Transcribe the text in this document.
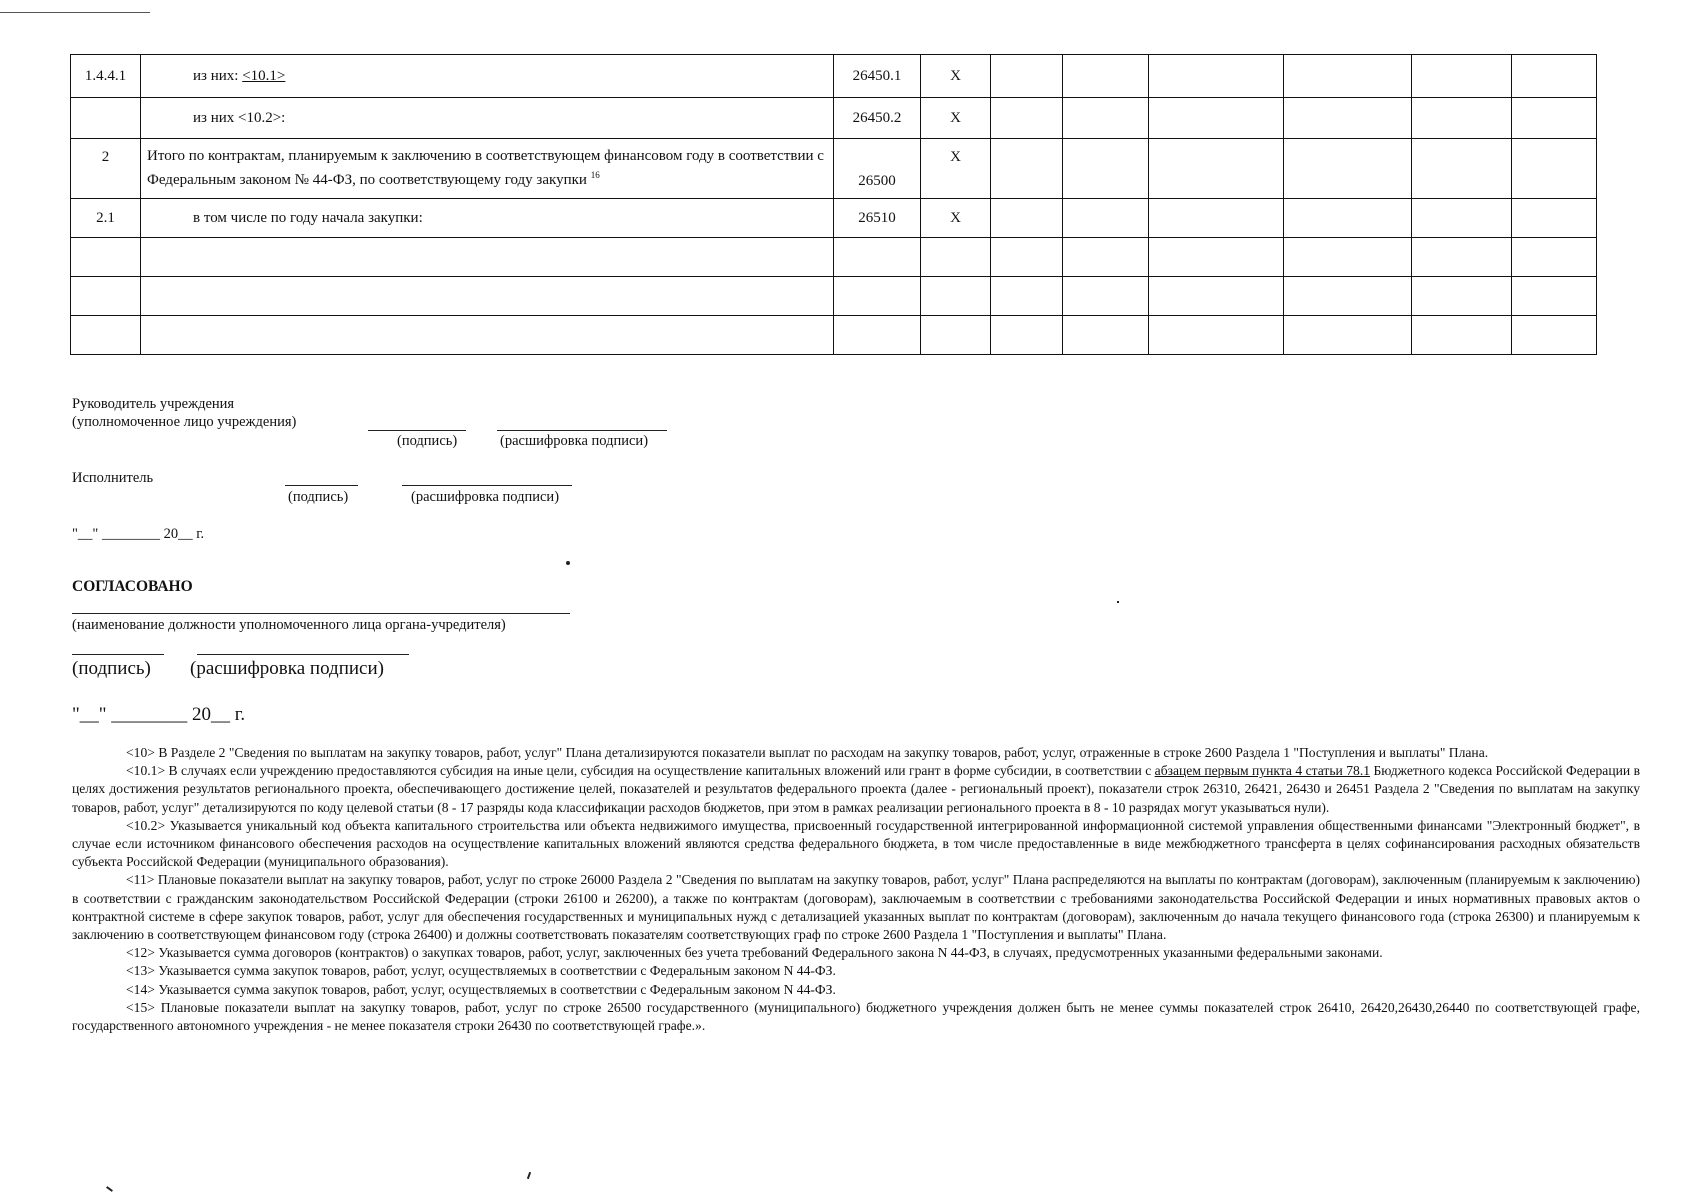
1.4.4.1	из них: <10.1>	26450.1	X						
	из них <10.2>:	26450.2	X						
2	Итого по контрактам, планируемым к заключению в соответствующем финансовом году в соответствии с Федеральным законом № 44-ФЗ, по соответствующему году закупки $^{16}$	26500	X						
2.1	в том числе по году начала закупки:	26510	X						

Руководитель учреждения
(уполномоченное лицо учреждения)
(подпись)	(расшифровка подписи)
Исполнитель
(подпись)	(расшифровка подписи)
"__" ________ 20__ г.
СОГЛАСОВАНО
(наименование должности уполномоченного лица органа-учредителя)
(подпись) (расшифровка подписи)
"__" ________ 20__ г.

<10> В Разделе 2 "Сведения по выплатам на закупку товаров, работ, услуг" Плана детализируются показатели выплат по расходам на закупку товаров, работ, услуг, отраженные в строке 2600 Раздела 1 "Поступления и выплаты" Плана.

<10.1> В случаях если учреждению предоставляются субсидия на иные цели, субсидия на осуществление капитальных вложений или грант в форме субсидии, в соответствии с абзацем первым пункта 4 статьи 78.1 Бюджетного кодекса Российской Федерации в целях достижения результатов регионального проекта, обеспечивающего достижение целей, показателей и результатов федерального проекта (далее - региональный проект), показатели строк 26310, 26421, 26430 и 26451 Раздела 2 "Сведения по выплатам на закупку товаров, работ, услуг" детализируются по коду целевой статьи (8 - 17 разряды кода классификации расходов бюджетов, при этом в рамках реализации регионального проекта в 8 - 10 разрядах могут указываться нули).

<10.2> Указывается уникальный код объекта капитального строительства или объекта недвижимого имущества, присвоенный государственной интегрированной информационной системой управления общественными финансами "Электронный бюджет", в случае если источником финансового обеспечения расходов на осуществление капитальных вложений являются средства федерального бюджета, в том числе предоставленные в виде межбюджетного трансферта в целях софинансирования расходных обязательств субъекта Российской Федерации (муниципального образования).

<11> Плановые показатели выплат на закупку товаров, работ, услуг по строке 26000 Раздела 2 "Сведения по выплатам на закупку товаров, работ, услуг" Плана распределяются на выплаты по контрактам (договорам), заключенным (планируемым к заключению) в соответствии с гражданским законодательством Российской Федерации (строки 26100 и 26200), а также по контрактам (договорам), заключаемым в соответствии с требованиями законодательства Российской Федерации и иных нормативных правовых актов о контрактной системе в сфере закупок товаров, работ, услуг для обеспечения государственных и муниципальных нужд с детализацией указанных выплат по контрактам (договорам), заключенным до начала текущего финансового года (строка 26300) и планируемым к заключению в соответствующем финансовом году (строка 26400) и должны соответствовать показателям соответствующих граф по строке 2600 Раздела 1 "Поступления и выплаты" Плана.

<12> Указывается сумма договоров (контрактов) о закупках товаров, работ, услуг, заключенных без учета требований Федерального закона N 44-ФЗ, в случаях, предусмотренных указанными федеральными законами.

<13> Указывается сумма закупок товаров, работ, услуг, осуществляемых в соответствии с Федеральным законом N 44-ФЗ.

<14> Указывается сумма закупок товаров, работ, услуг, осуществляемых в соответствии с Федеральным законом N 44-ФЗ.

<15> Плановые показатели выплат на закупку товаров, работ, услуг по строке 26500 государственного (муниципального) бюджетного учреждения должен быть не менее суммы показателей строк 26410, 26420,26430,26440 по соответствующей графе, государственного автономного учреждения - не менее показателя строки 26430 по соответствующей графе.».
